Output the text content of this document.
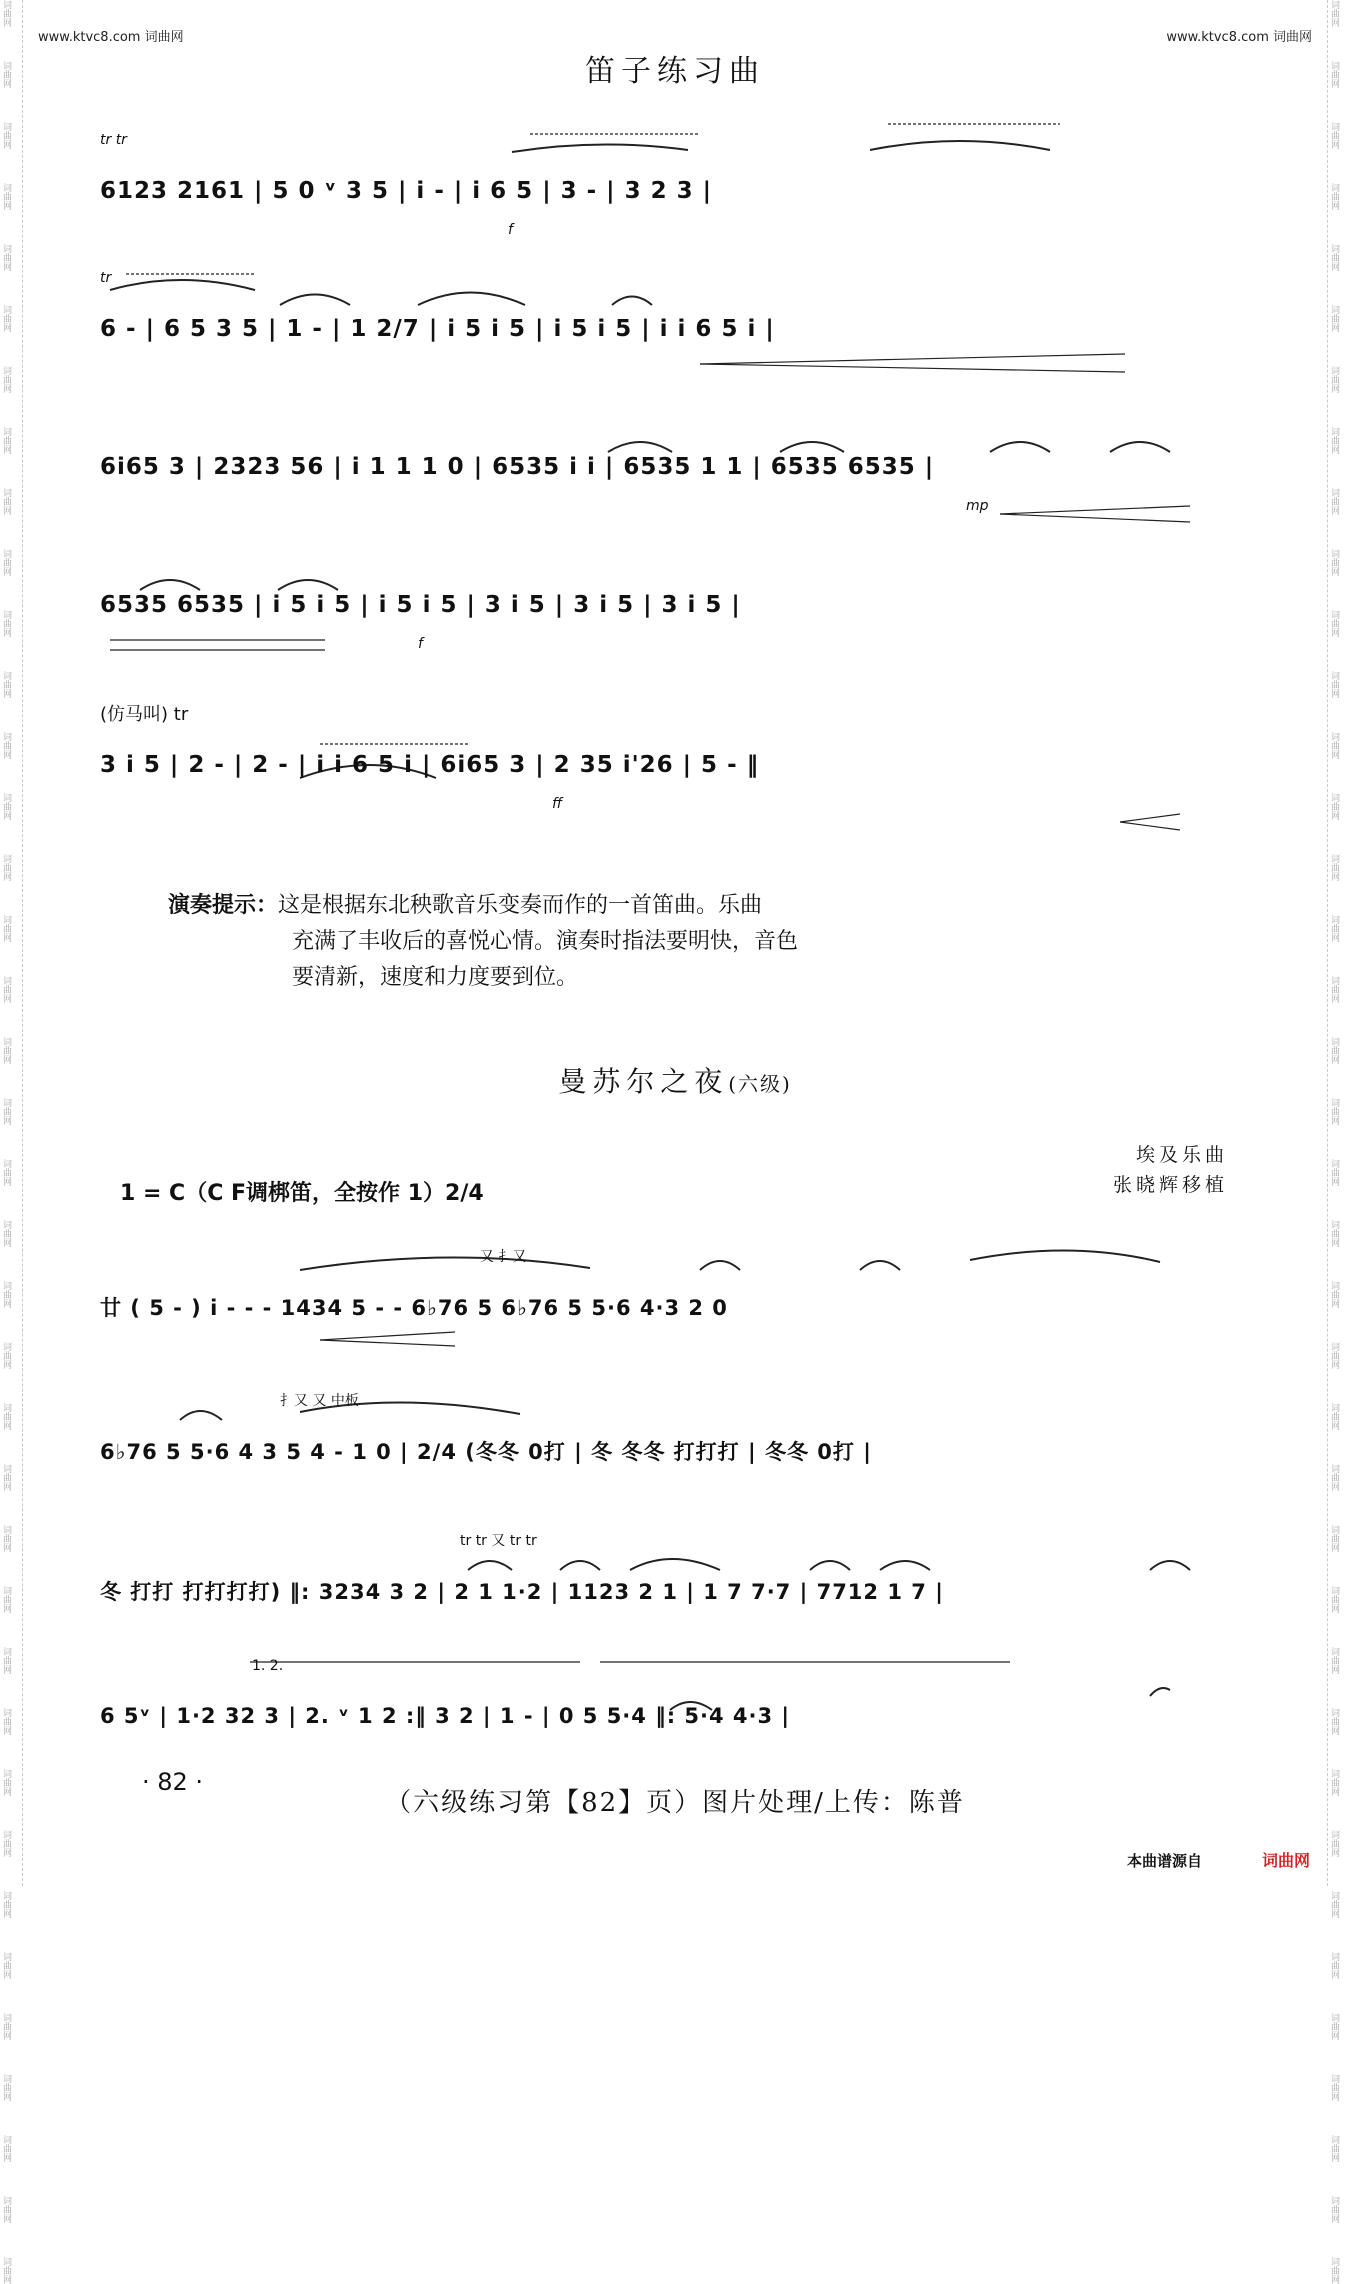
词曲网
词曲网
词曲网
词曲网
词曲网
词曲网
词曲网
词曲网
词曲网
词曲网
词曲网
词曲网
词曲网
词曲网
词曲网
词曲网
词曲网
词曲网
词曲网
词曲网
词曲网
词曲网
词曲网
词曲网
词曲网
词曲网
词曲网
词曲网
词曲网
词曲网
词曲网
词曲网
词曲网
词曲网
词曲网
词曲网
词曲网
词曲网
词曲网
词曲网
词曲网
词曲网
词曲网
词曲网
词曲网
词曲网
词曲网
词曲网
词曲网
词曲网
词曲网
词曲网
词曲网
词曲网
词曲网
词曲网
词曲网
词曲网
词曲网
词曲网
词曲网
词曲网
词曲网
词曲网
词曲网
词曲网
词曲网
词曲网
词曲网
词曲网
词曲网
词曲网
词曲网
词曲网
词曲网
词曲网
www.ktvc8.com 词曲网	www.ktvc8.com 词曲网
笛子练习曲
tr tr
6123 2161 | 5 0 ᵛ 3 5 | i - | i 6 5 | 3 - | 3 2 3 |
f
tr
6 - | 6 5 3 5 | 1 - | 1 2/7 | i 5 i 5 | i 5 i 5 | i i 6 5 i |
6i65 3 | 2323 56 | i 1 1 1 0 | 6535 i i | 6535 1 1 | 6535 6535 |
mp
6535 6535 | i 5 i 5 | i 5 i 5 | 3 i 5 | 3 i 5 | 3 i 5 |
f
(仿马叫) tr
3 i 5 | 2 - | 2 - | i i 6 5 i | 6i65 3 | 2 35 i'26 | 5 - ‖
ff
演奏提示：这是根据东北秧歌音乐变奏而作的一首笛曲。乐曲
充满了丰收后的喜悦心情。演奏时指法要明快，音色
要清新，速度和力度要到位。
曼苏尔之夜(六级)
埃及乐曲
张晓辉移植
1 = C（C F调梆笛，全按作 1）2/4
又 扌又
廿 ( 5 - ) i - - - 1434 5 - - 6♭76 5 6♭76 5 5·6 4·3 2 0
扌又 又 中板
6♭76 5 5·6 4 3 5 4 - 1 0 | 2/4 (冬冬 0打 | 冬 冬冬 打打打 | 冬冬 0打 |
tr tr 又 tr tr
冬 打打 打打打打) ‖: 3234 3 2 | 2 1 1·2 | 1123 2 1 | 1 7 7·7 | 7712 1 7 |
1. 2.
6 5ᵛ | 1·2 32 3 | 2. ᵛ 1 2 :‖ 3 2 | 1 - | 0 5 5·4 ‖: 5·4 4·3 |
· 82 ·
（六级练习第【82】页）图片处理/上传：陈普
本曲谱源自	词曲网
